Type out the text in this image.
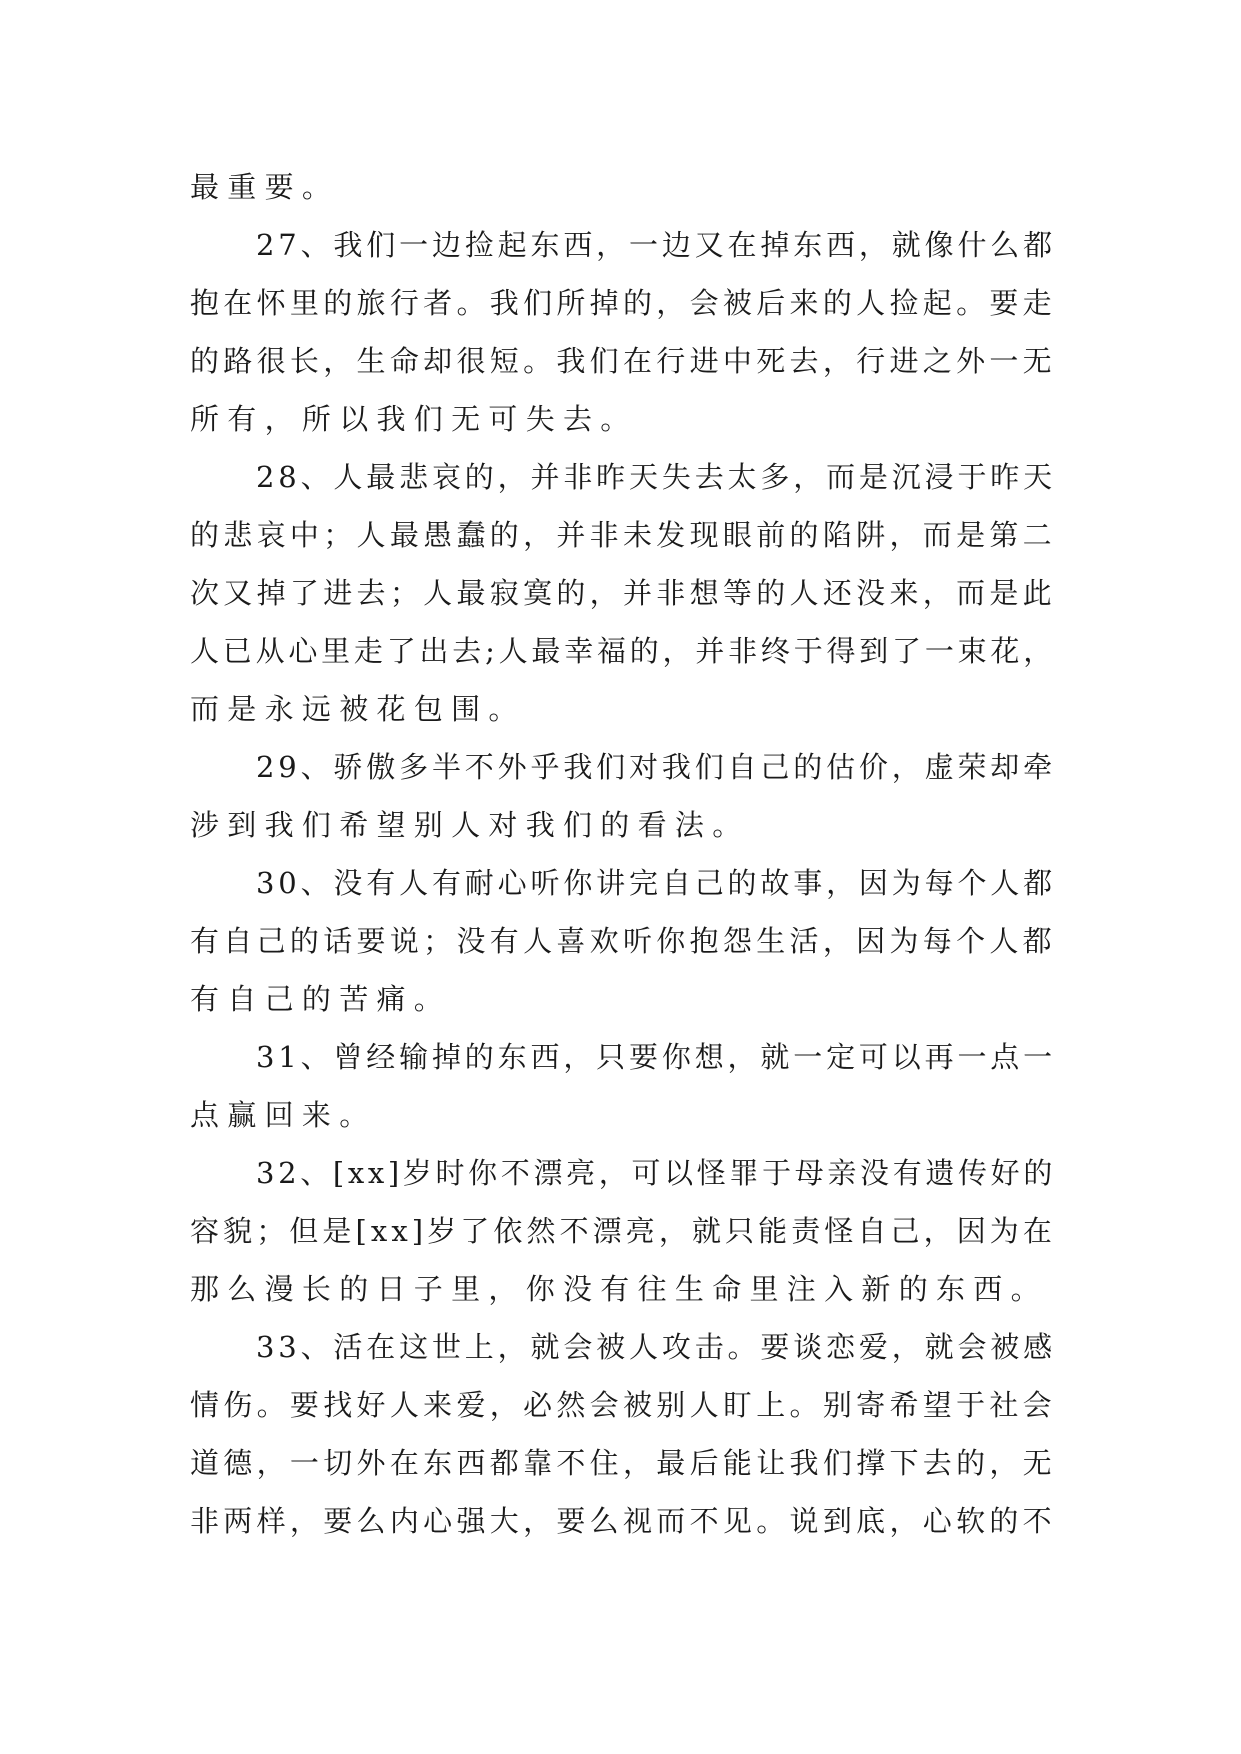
最重要。
27、我们一边捡起东西，一边又在掉东西，就像什么都
抱在怀里的旅行者。我们所掉的，会被后来的人捡起。要走
的路很长，生命却很短。我们在行进中死去，行进之外一无
所有，所以我们无可失去。
28、人最悲哀的，并非昨天失去太多，而是沉浸于昨天
的悲哀中；人最愚蠢的，并非未发现眼前的陷阱，而是第二
次又掉了进去；人最寂寞的，并非想等的人还没来，而是此
人已从心里走了出去;人最幸福的，并非终于得到了一束花，
而是永远被花包围。
29、骄傲多半不外乎我们对我们自己的估价，虚荣却牵
涉到我们希望别人对我们的看法。
30、没有人有耐心听你讲完自己的故事，因为每个人都
有自己的话要说；没有人喜欢听你抱怨生活，因为每个人都
有自己的苦痛。
31、曾经输掉的东西，只要你想，就一定可以再一点一
点赢回来。
32、[xx]岁时你不漂亮，可以怪罪于母亲没有遗传好的
容貌；但是[xx]岁了依然不漂亮，就只能责怪自己，因为在
那么漫长的日子里，你没有往生命里注入新的东西。
33、活在这世上，就会被人攻击。要谈恋爱，就会被感
情伤。要找好人来爱，必然会被别人盯上。别寄希望于社会
道德，一切外在东西都靠不住，最后能让我们撑下去的，无
非两样，要么内心强大，要么视而不见。说到底，心软的不
